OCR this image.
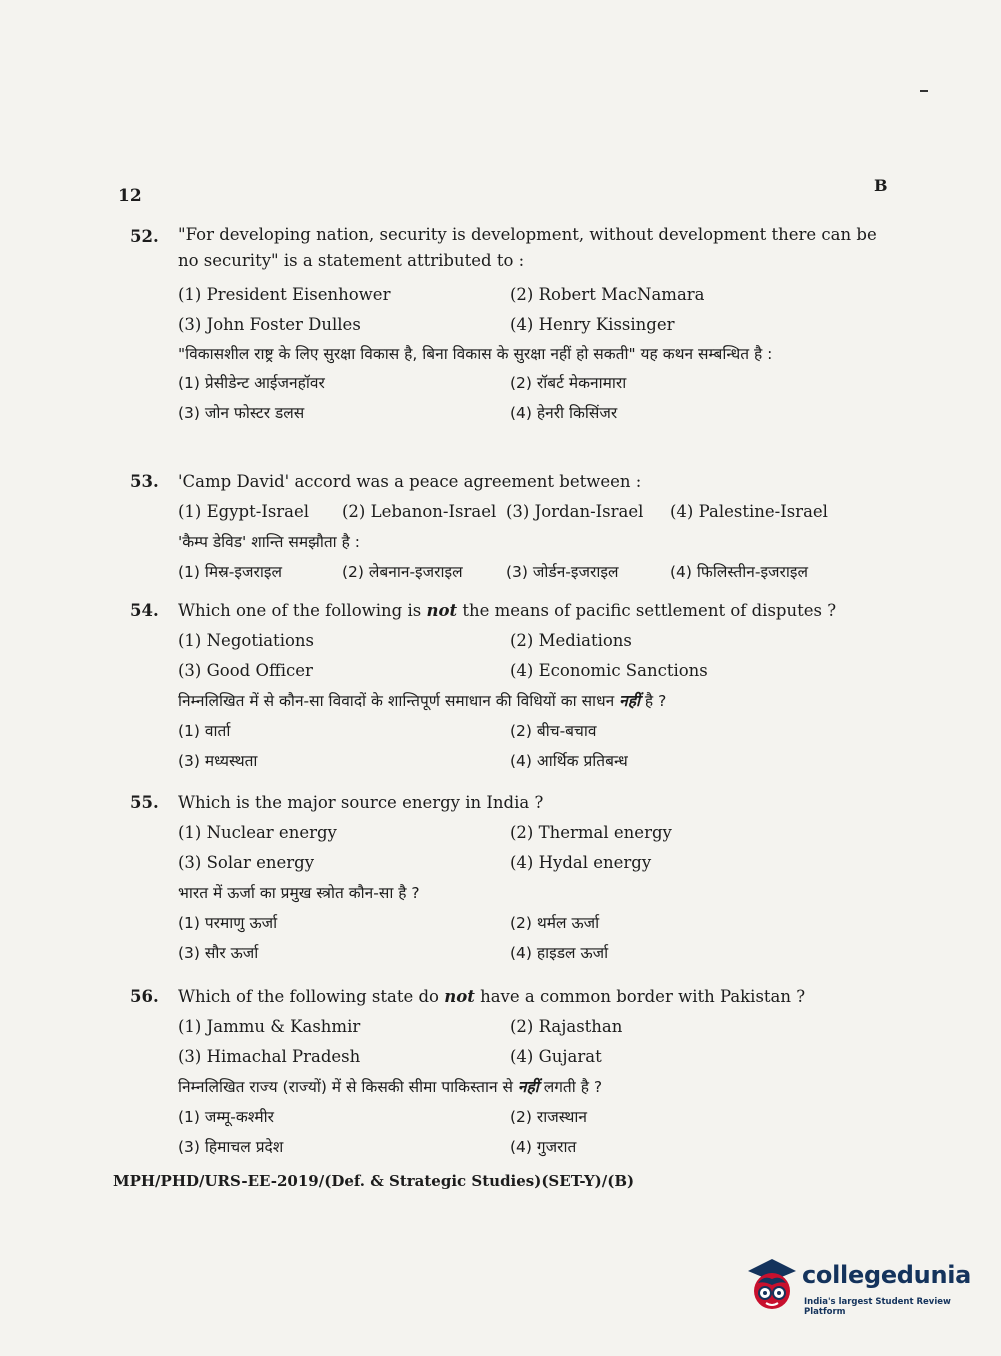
12
B
52. "For developing nation, security is development, without development there can be no security" is a statement attributed to :
(1) President Eisenhower	(2) Robert MacNamara
(3) John Foster Dulles	(4) Henry Kissinger
"विकासशील राष्ट्र के लिए सुरक्षा विकास है, बिना विकास के सुरक्षा नहीं हो सकती" यह कथन सम्बन्धित है :
(1) प्रेसीडेन्ट आईजनहॉवर	(2) रॉबर्ट मेकनामारा
(3) जोन फोस्टर डलस	(4) हेनरी किसिंजर
53. 'Camp David' accord was a peace agreement between :
(1) Egypt-Israel	(2) Lebanon-Israel (3) Jordan-Israel	(4) Palestine-Israel
'कैम्प डेविड' शान्ति समझौता है :
(1) मिस्र-इजराइल	(2) लेबनान-इजराइल	(3) जोर्डन-इजराइल	(4) फिलिस्तीन-इजराइल
54. Which one of the following is not the means of pacific settlement of disputes ?
(1) Negotiations	(2) Mediations
(3) Good Officer	(4) Economic Sanctions
निम्नलिखित में से कौन-सा विवादों के शान्तिपूर्ण समाधान की विधियों का साधन नहीं है ?
(1) वार्ता	(2) बीच-बचाव
(3) मध्यस्थता	(4) आर्थिक प्रतिबन्ध
55. Which is the major source energy in India ?
(1) Nuclear energy	(2) Thermal energy
(3) Solar energy	(4) Hydal energy
भारत में ऊर्जा का प्रमुख स्त्रोत कौन-सा है ?
(1) परमाणु ऊर्जा	(2) थर्मल ऊर्जा
(3) सौर ऊर्जा	(4) हाइडल ऊर्जा
56. Which of the following state do not have a common border with Pakistan ?
(1) Jammu & Kashmir	(2) Rajasthan
(3) Himachal Pradesh	(4) Gujarat
निम्नलिखित राज्य (राज्यों) में से किसकी सीमा पाकिस्तान से नहीं लगती है ?
(1) जम्मू-कश्मीर	(2) राजस्थान
(3) हिमाचल प्रदेश	(4) गुजरात
MPH/PHD/URS-EE-2019/(Def. & Strategic Studies)(SET-Y)/(B)
collegedunia
India's largest Student Review Platform
